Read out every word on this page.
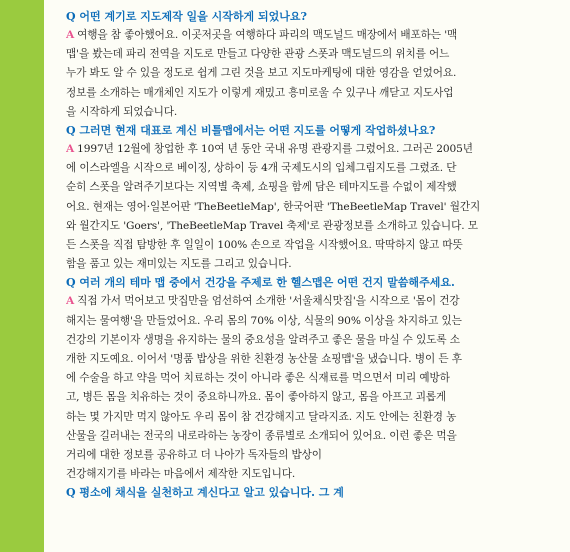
Q 어떤 계기로 지도제작 일을 시작하게 되었나요?
A 여행을 참 좋아했어요. 이곳저곳을 여행하다 파리의 맥도널드 매장에서 배포하는 '맥
맵'을 봤는데 파리 전역을 지도로 만들고 다양한 관광 스폿과 맥도널드의 위치를 어느
누가 봐도 알 수 있을 정도로 쉽게 그린 것을 보고 지도마케팅에 대한 영감을 얻었어요.
정보를 소개하는 매개체인 지도가 이렇게 재밌고 흥미로울 수 있구나 깨닫고 지도사업
을 시작하게 되었습니다.
Q 그러면 현재 대표로 계신 비틀맵에서는 어떤 지도를 어떻게 작업하셨나요?
A 1997년 12월에 창업한 후 10여 년 동안 국내 유명 관광지를 그렸어요. 그러곤 2005년
에 이스라엘을 시작으로 베이징, 상하이 등 4개 국제도시의 입체그림지도를 그렸죠. 단
순히 스폿을 알려주기보다는 지역별 축제, 쇼핑을 함께 담은 테마지도를 수없이 제작했
어요. 현재는 영어·일본어판 'TheBeetleMap', 한국어판 'TheBeetleMap Travel' 월간지
와 월간지도 'Goers', 'TheBeetleMap Travel 축제'로 관광정보를 소개하고 있습니다. 모
든 스폿을 직접 탐방한 후 일일이 100% 손으로 작업을 시작했어요. 딱딱하지 않고 따뜻
함을 품고 있는 재미있는 지도를 그리고 있습니다.
Q 여러 개의 테마 맵 중에서 건강을 주제로 한 헬스맵은 어떤 건지 말씀해주세요.
A 직접 가서 먹어보고 맛집만을 엄선하여 소개한 '서울채식맛집'을 시작으로 '몸이 건강
해지는 물여행'을 만들었어요. 우리 몸의 70% 이상, 식물의 90% 이상을 차지하고 있는
건강의 기본이자 생명을 유지하는 물의 중요성을 알려주고 좋은 물을 마실 수 있도록 소
개한 지도예요. 이어서 '명품 밥상을 위한 친환경 농산물 쇼핑맵'을 냈습니다. 병이 든 후
에 수술을 하고 약을 먹어 치료하는 것이 아니라 좋은 식재료를 먹으면서 미리 예방하
고, 병든 몸을 치유하는 것이 중요하니까요. 몸이 좋아하지 않고, 몸을 아프고 괴롭게
하는 몇 가지만 먹지 않아도 우리 몸이 참 건강해지고 달라지죠. 지도 안에는 친환경 농
산물을 길러내는 전국의 내로라하는 농장이 종류별로 소개되어 있어요. 이런 좋은 먹을
거리에 대한 정보를 공유하고 더 나아가 독자들의 밥상이
건강해지기를 바라는 마음에서 제작한 지도입니다.
Q 평소에 채식을 실천하고 계신다고 알고 있습니다. 그 계
